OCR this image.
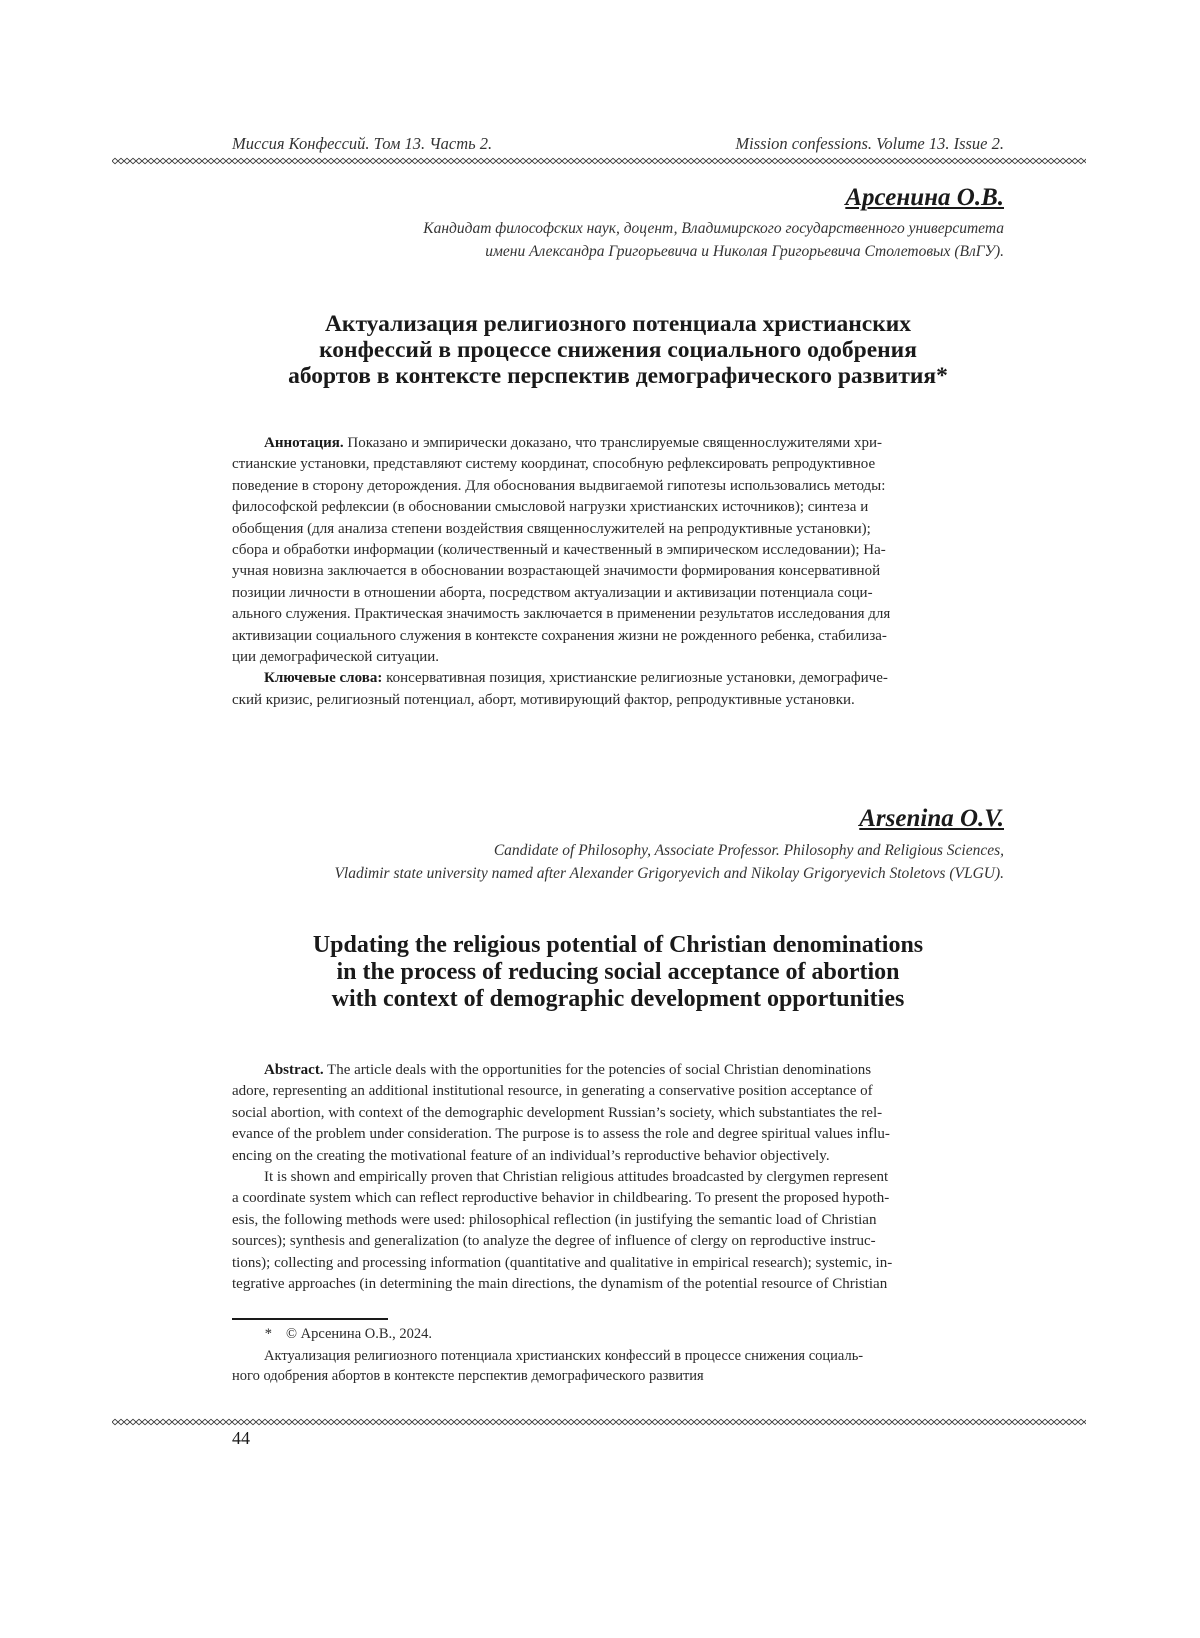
Миссия Конфессий. Том 13. Часть 2.	Mission confessions. Volume 13. Issue 2.
Арсенина О.В.
Кандидат философских наук, доцент, Владимирского государственного университета
имени Александра Григорьевича и Николая Григорьевича Столетовых (ВлГУ).
Актуализация религиозного потенциала христианских
конфессий в процессе снижения социального одобрения
абортов в контексте перспектив демографического развития*
Аннотация. Показано и эмпирически доказано, что транслируемые священнослужителями хри-
стианские установки, представляют систему координат, способную рефлексировать репродуктивное
поведение в сторону деторождения. Для обоснования выдвигаемой гипотезы использовались методы:
философской рефлексии (в обосновании смысловой нагрузки христианских источников); синтеза и
обобщения (для анализа степени воздействия священнослужителей на репродуктивные установки);
сбора и обработки информации (количественный и качественный в эмпирическом исследовании); На-
учная новизна заключается в обосновании возрастающей значимости формирования консервативной
позиции личности в отношении аборта, посредством актуализации и активизации потенциала соци-
ального служения. Практическая значимость заключается в применении результатов исследования для
активизации социального служения в контексте сохранения жизни не рожденного ребенка, стабилиза-
ции демографической ситуации.
Ключевые слова: консервативная позиция, христианские религиозные установки, демографиче-
ский кризис, религиозный потенциал, аборт, мотивирующий фактор, репродуктивные установки.
Arsenina O.V.
Candidate of Philosophy, Associate Professor. Philosophy and Religious Sciences,
Vladimir state university named after Alexander Grigoryevich and Nikolay Grigoryevich Stoletovs (VLGU).
Updating the religious potential of Christian denominations
in the process of reducing social acceptance of abortion
with context of demographic development opportunities
Abstract. The article deals with the opportunities for the potencies of social Christian denominations
adore, representing an additional institutional resource, in generating a conservative position acceptance of
social abortion, with context of the demographic development Russian’s society, which substantiates the rel-
evance of the problem under consideration. The purpose is to assess the role and degree spiritual values influ-
encing on the creating the motivational feature of an individual’s reproductive behavior objectively.
It is shown and empirically proven that Christian religious attitudes broadcasted by clergymen represent
a coordinate system which can reflect reproductive behavior in childbearing. To present the proposed hypoth-
esis, the following methods were used: philosophical reflection (in justifying the semantic load of Christian
sources); synthesis and generalization (to analyze the degree of influence of clergy on reproductive instruc-
tions); collecting and processing information (quantitative and qualitative in empirical research); systemic, in-
tegrative approaches (in determining the main directions, the dynamism of the potential resource of Christian
* © Арсенина О.В., 2024.
Актуализация религиозного потенциала христианских конфессий в процессе снижения социаль-
ного одобрения абортов в контексте перспектив демографического развития
44
